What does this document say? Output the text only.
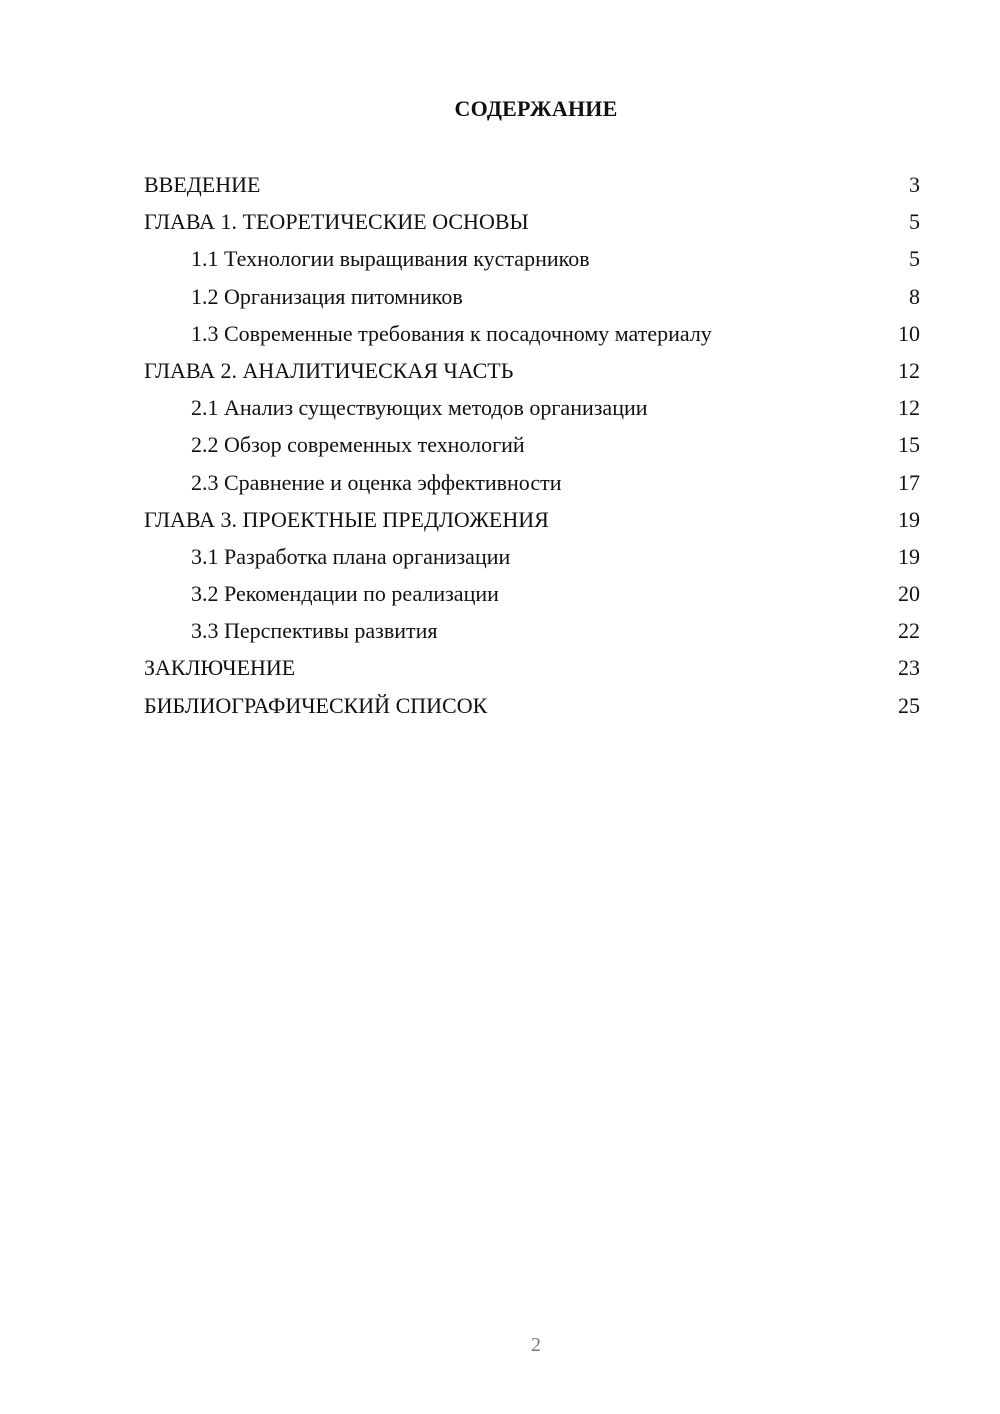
СОДЕРЖАНИЕ
ВВЕДЕНИЕ	3
ГЛАВА 1. ТЕОРЕТИЧЕСКИЕ ОСНОВЫ	5
1.1 Технологии выращивания кустарников	5
1.2 Организация питомников	8
1.3 Современные требования к посадочному материалу	10
ГЛАВА 2. АНАЛИТИЧЕСКАЯ ЧАСТЬ	12
2.1 Анализ существующих методов организации	12
2.2 Обзор современных технологий	15
2.3 Сравнение и оценка эффективности	17
ГЛАВА 3. ПРОЕКТНЫЕ ПРЕДЛОЖЕНИЯ	19
3.1 Разработка плана организации	19
3.2 Рекомендации по реализации	20
3.3 Перспективы развития	22
ЗАКЛЮЧЕНИЕ	23
БИБЛИОГРАФИЧЕСКИЙ СПИСОК	25
2
